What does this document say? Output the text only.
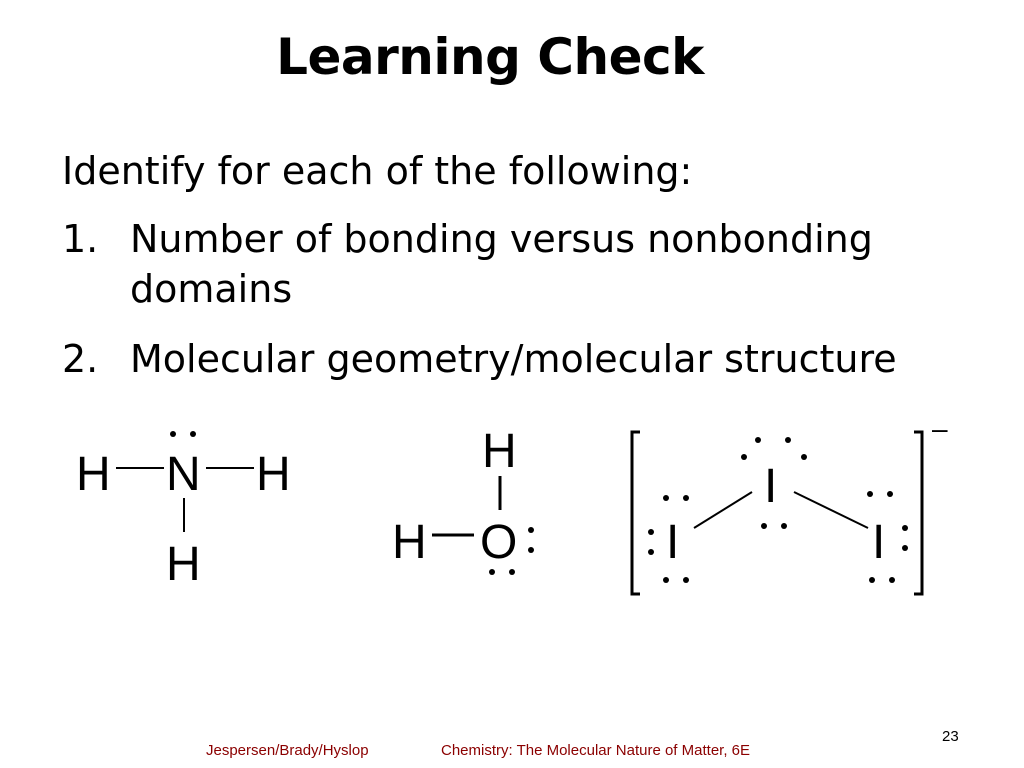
Learning Check
Identify for each of the following:
1. Number of bonding versus nonbonding domains
2. Molecular geometry/molecular structure
H N H
H
H
H O
–
I
I	I
Jespersen/Brady/Hyslop	Chemistry: The Molecular Nature of Matter, 6E
23
